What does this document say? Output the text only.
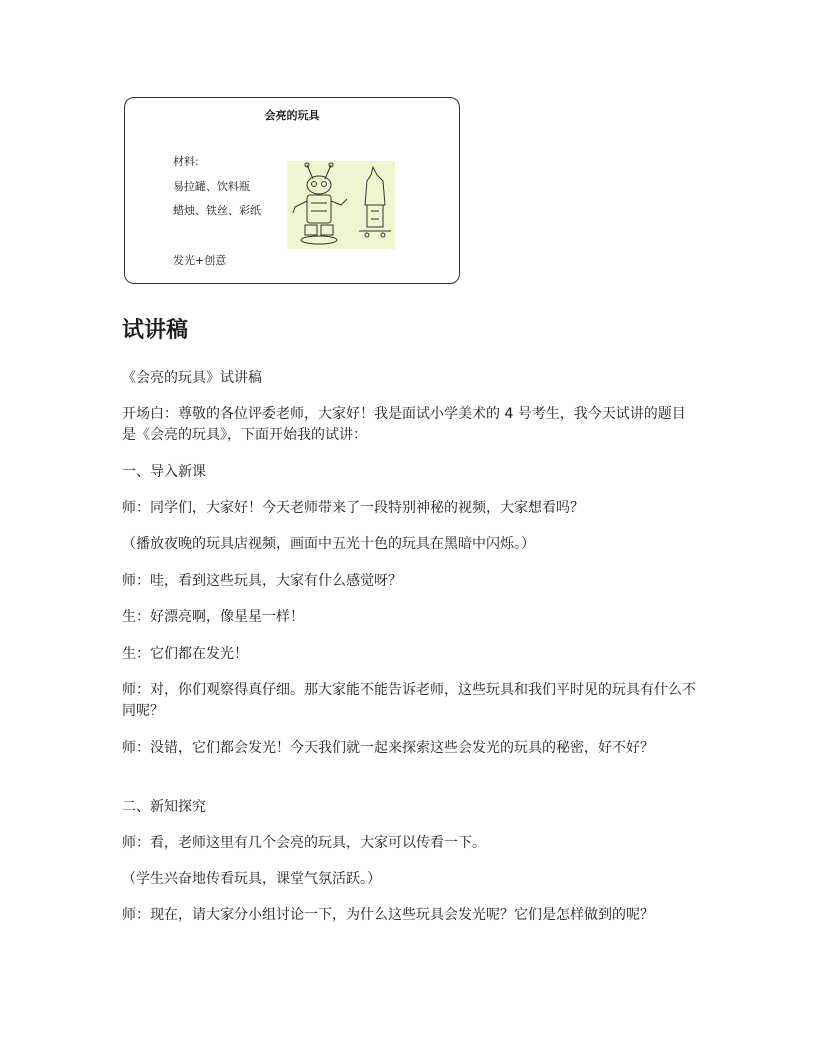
会亮的玩具
材料:
易拉罐、饮料瓶
蜡烛、铁丝、彩纸
发光+创意
试讲稿
《会亮的玩具》试讲稿
开场白：尊敬的各位评委老师，大家好！我是面试小学美术的 4 号考生，我今天试讲的题目是《会亮的玩具》，下面开始我的试讲：
一、导入新课
师：同学们，大家好！今天老师带来了一段特别神秘的视频，大家想看吗？
（播放夜晚的玩具店视频，画面中五光十色的玩具在黑暗中闪烁。）
师：哇，看到这些玩具，大家有什么感觉呀？
生：好漂亮啊，像星星一样！
生：它们都在发光！
师：对，你们观察得真仔细。那大家能不能告诉老师，这些玩具和我们平时见的玩具有什么不同呢？
师：没错，它们都会发光！今天我们就一起来探索这些会发光的玩具的秘密，好不好？
二、新知探究
师：看，老师这里有几个会亮的玩具，大家可以传看一下。
（学生兴奋地传看玩具，课堂气氛活跃。）
师：现在，请大家分小组讨论一下，为什么这些玩具会发光呢？它们是怎样做到的呢？
